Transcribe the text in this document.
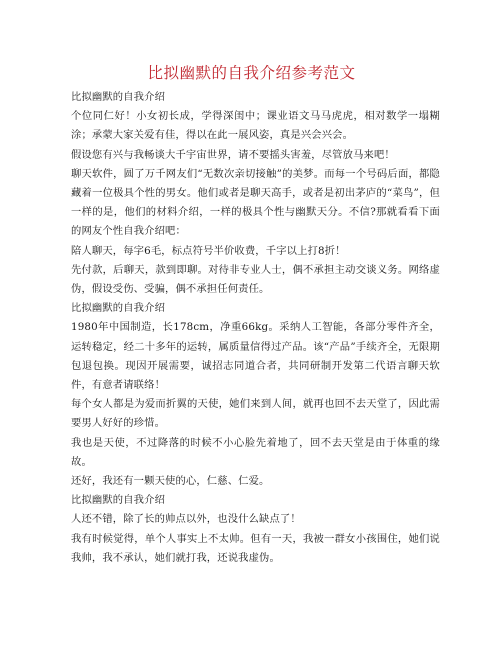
比拟幽默的自我介绍参考范文

比拟幽默的自我介绍

个位同仁好！小女初长成，学得深闺中；课业语文马马虎虎，相对数学一塌糊涂；承蒙大家关爱有佳，得以在此一展风姿，真是兴会兴会。

假设您有兴与我畅谈大千宇宙世界，请不要摇头害羞，尽管放马来吧！

聊天软件，圆了万千网友们“无数次亲切接触”的美梦。而每一个号码后面，都隐藏着一位极具个性的男女。他们或者是聊天高手，或者是初出茅庐的“菜鸟”，但一样的是，他们的材料介绍，一样的极具个性与幽默天分。不信?那就看看下面的网友个性自我介绍吧：

陪人聊天，每字6毛，标点符号半价收费，千字以上打8折！

先付款，后聊天，款到即聊。对待非专业人士，偶不承担主动交谈义务。网络虚伪，假设受伤、受骗，偶不承担任何责任。

比拟幽默的自我介绍

1980年中国制造，长178cm，净重66kg。采纳人工智能，各部分零件齐全，运转稳定，经二十多年的运转，属质量信得过产品。该“产品”手续齐全，无限期包退包换。现因开展需要，诚招志同道合者，共同研制开发第二代语言聊天软件，有意者请联络！

每个女人都是为爱而折翼的天使，她们来到人间，就再也回不去天堂了，因此需要男人好好的珍惜。

我也是天使，不过降落的时候不小心脸先着地了，回不去天堂是由于体重的缘故。

还好，我还有一颗天使的心，仁慈、仁爱。

比拟幽默的自我介绍

人还不错，除了长的帅点以外，也没什么缺点了！

我有时候觉得，单个人事实上不太帅。但有一天，我被一群女小孩围住，她们说我帅，我不承认，她们就打我，还说我虚伪。
